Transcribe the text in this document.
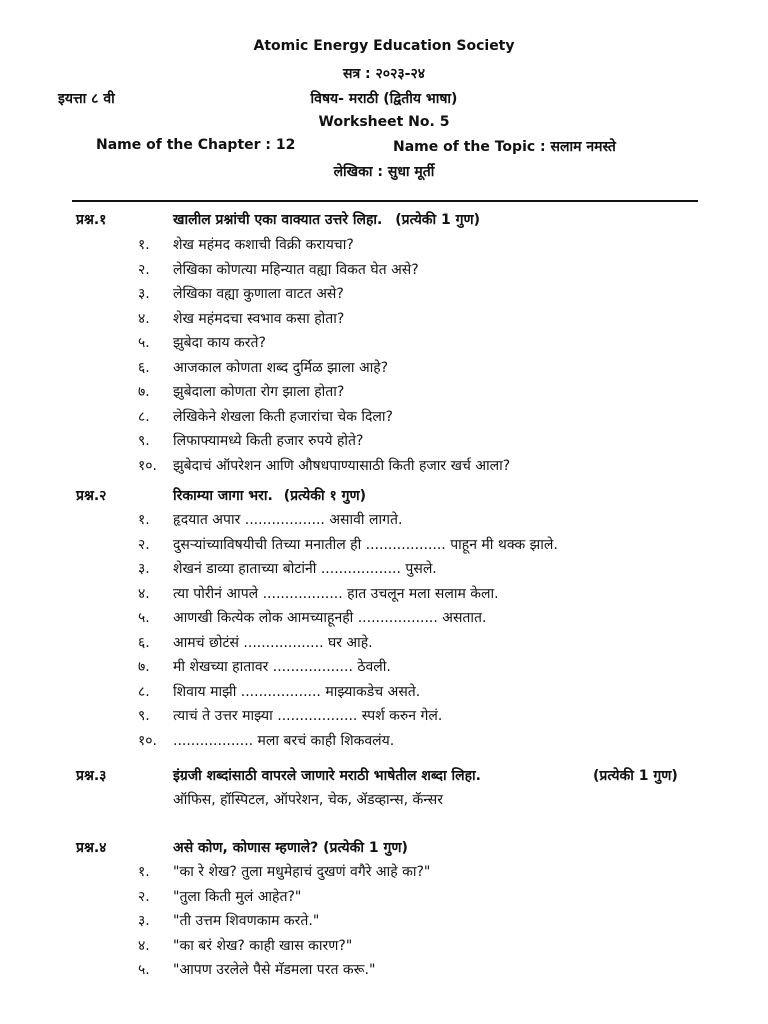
Atomic Energy Education Society
सत्र : २०२३-२४
इयत्ता ८ वी	विषय- मराठी (द्वितीय भाषा)
Worksheet No. 5
Name of the Chapter : 12	Name of the Topic : सलाम नमस्ते
लेखिका : सुधा मूर्ती
प्रश्न.१	खालील प्रश्नांची एका वाक्यात उत्तरे लिहा. (प्रत्येकी 1 गुण)
१. शेख महंमद कशाची विक्री करायचा?
२. लेखिका कोणत्या महिन्यात वह्या विकत घेत असे?
३. लेखिका वह्या कुणाला वाटत असे?
४. शेख महंमदचा स्वभाव कसा होता?
५. झुबेदा काय करते?
६. आजकाल कोणता शब्द दुर्मिळ झाला आहे?
७. झुबेदाला कोणता रोग झाला होता?
८. लेखिकेने शेखला किती हजारांचा चेक दिला?
९. लिफाफ्यामध्ये किती हजार रुपये होते?
१०. झुबेदाचं ऑपरेशन आणि औषधपाण्यासाठी किती हजार खर्च आला?
प्रश्न.२	रिकाम्या जागा भरा. (प्रत्येकी १ गुण)
१. हृदयात अपार .................. असावी लागते.
२. दुसऱ्यांच्याविषयीची तिच्या मनातील ही .................. पाहून मी थक्क झाले.
३. शेखनं डाव्या हाताच्या बोटांनी .................. पुसले.
४. त्या पोरीनं आपले .................. हात उचलून मला सलाम केला.
५. आणखी कित्येक लोक आमच्याहूनही .................. असतात.
६. आमचं छोटंसं .................. घर आहे.
७. मी शेखच्या हातावर .................. ठेवली.
८. शिवाय माझी .................. माझ्याकडेच असते.
९. त्याचं ते उत्तर माझ्या .................. स्पर्श करुन गेलं.
१०. .................. मला बरचं काही शिकवलंय.
प्रश्न.३	इंग्रजी शब्दांसाठी वापरले जाणारे मराठी भाषेतील शब्दा लिहा.	(प्रत्येकी 1 गुण)
ऑफिस, हॉस्पिटल, ऑपरेशन, चेक, ॲडव्हान्स, कॅन्सर
प्रश्न.४	असे कोण, कोणास म्हणाले? (प्रत्येकी 1 गुण)
१. "का रे शेख? तुला मधुमेहाचं दुखणं वगैरे आहे का?"
२. "तुला किती मुलं आहेत?"
३. "ती उत्तम शिवणकाम करते."
४. "का बरं शेख? काही खास कारण?"
५. "आपण उरलेले पैसे मॅडमला परत करू."
